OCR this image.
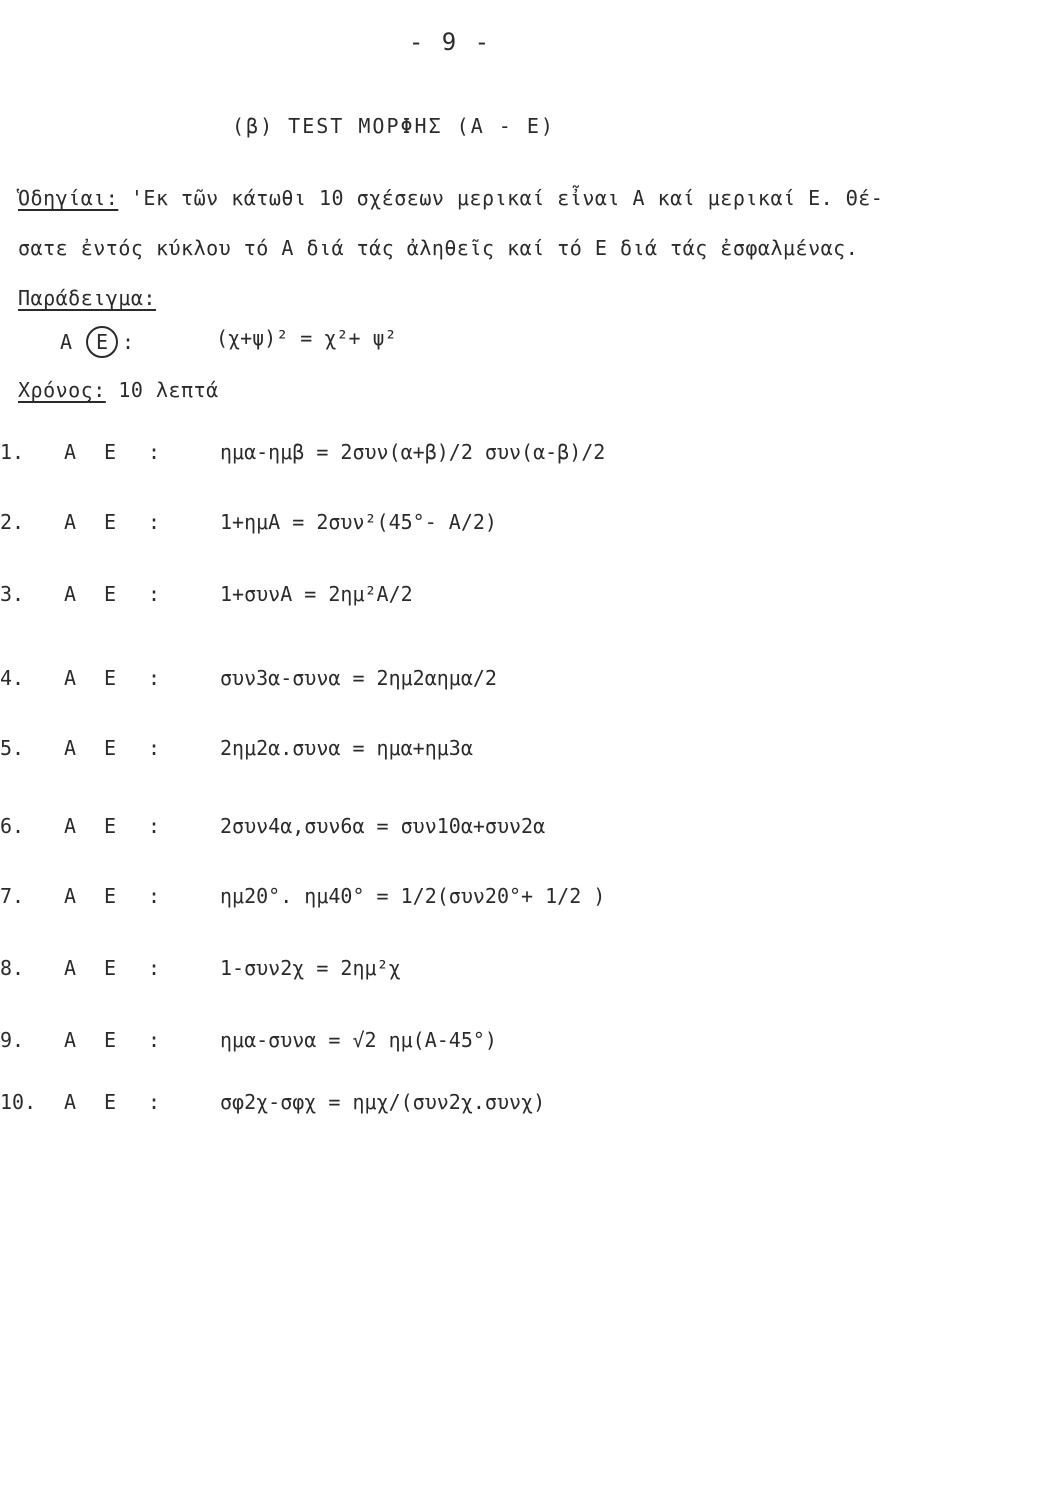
- 9 -
(β) TEST ΜΟΡΦΗΣ (Α - Ε)
Ὁδηγίαι: 'Εκ τῶν κάτωθι 10 σχέσεων μερικαί εἶναι Α καί μερικαί Ε. Θέ-
σατε ἐντός κύκλου τό Α διά τάς ἀληθεῖς καί τό Ε διά τάς ἐσφαλμένας.
Παράδειγμα:
Α Ε :	(χ+ψ)² = χ²+ ψ²
Χρόνος: 10 λεπτά
1.	Α Ε :	ημα-ημβ = 2συν(α+β)/2 συν(α-β)/2
2.	Α Ε :	1+ημΑ = 2συν²(45°- Α/2)
3.	Α Ε :	1+συνΑ = 2ημ²Α/2
4.	Α Ε :	συν3α-συνα = 2ημ2αημα/2
5.	Α Ε :	2ημ2α.συνα = ημα+ημ3α
6.	Α Ε :	2συν4α,συν6α = συν10α+συν2α
7.	Α Ε :	ημ20°. ημ40° = 1/2(συν20°+ 1/2 )
8.	Α Ε :	1-συν2χ = 2ημ²χ
9.	Α Ε :	ημα-συνα = √2 ημ(Α-45°)
10. Α Ε :	σφ2χ-σφχ = ημχ/(συν2χ.συνχ)
